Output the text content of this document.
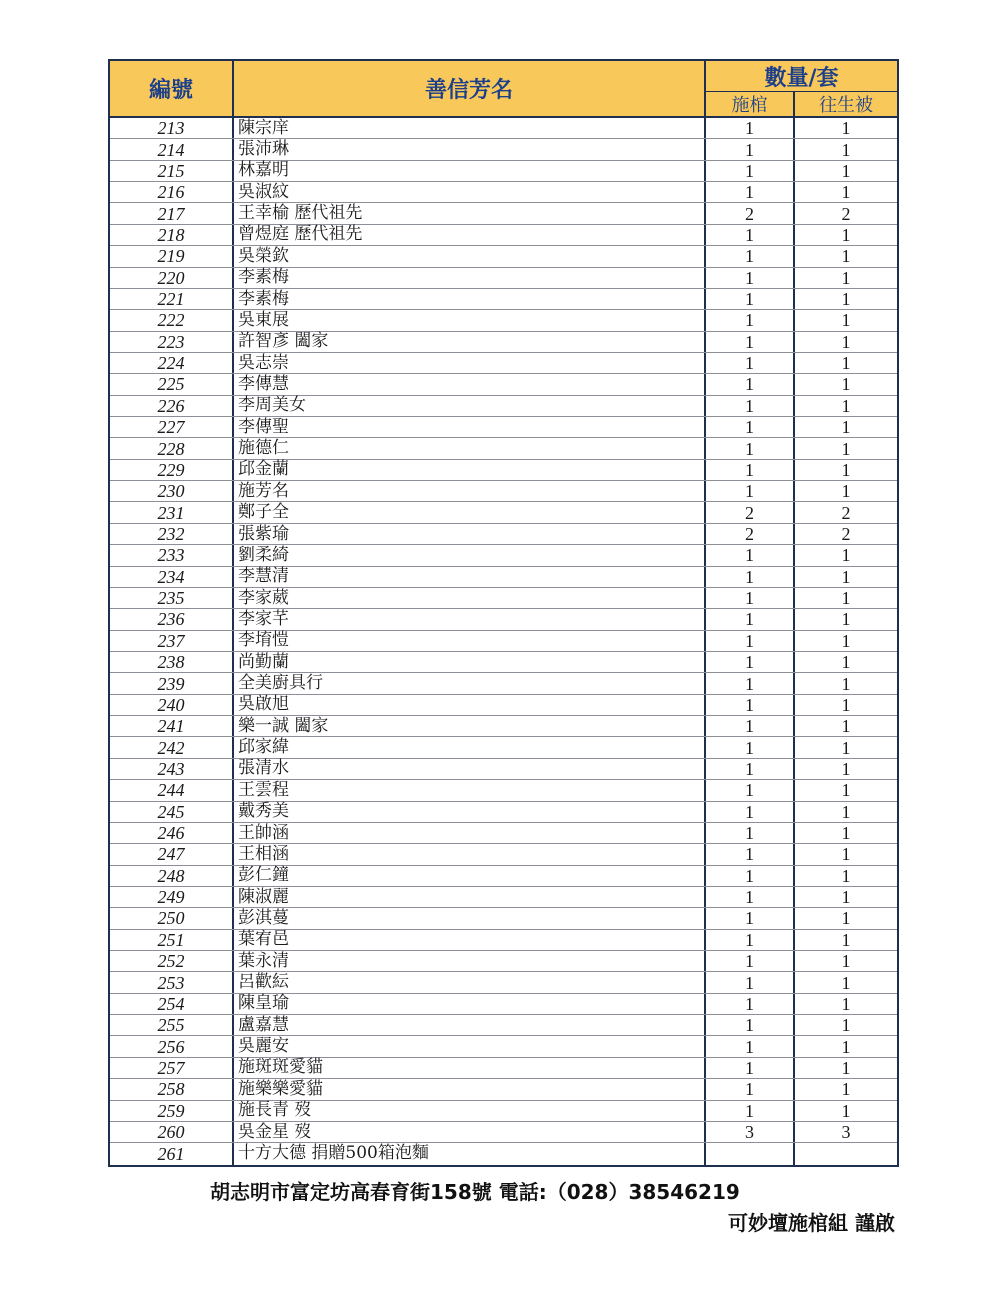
編號	善信芳名	數量/套
施棺	往生被
213	陳宗庠	1	1
214	張沛琳	1	1
215	林嘉明	1	1
216	吳淑紋	1	1
217	王幸榆 歷代祖先	2	2
218	曾煜庭 歷代祖先	1	1
219	吳榮欽	1	1
220	李素梅	1	1
221	李素梅	1	1
222	吳東展	1	1
223	許智彥 闔家	1	1
224	吳志崇	1	1
225	李傳慧	1	1
226	李周美女	1	1
227	李傳聖	1	1
228	施德仁	1	1
229	邱金蘭	1	1
230	施芳名	1	1
231	鄭子全	2	2
232	張紫瑜	2	2
233	劉柔綺	1	1
234	李慧清	1	1
235	李家葳	1	1
236	李家芊	1	1
237	李堉愷	1	1
238	尚勤蘭	1	1
239	全美廚具行	1	1
240	吳啟旭	1	1
241	樂一誠 闔家	1	1
242	邱家緯	1	1
243	張清水	1	1
244	王雲程	1	1
245	戴秀美	1	1
246	王帥涵	1	1
247	王相涵	1	1
248	彭仁鐘	1	1
249	陳淑麗	1	1
250	彭淇蔓	1	1
251	葉宥邑	1	1
252	葉永清	1	1
253	呂歡紜	1	1
254	陳皇瑜	1	1
255	盧嘉慧	1	1
256	吳麗安	1	1
257	施斑斑愛貓	1	1
258	施樂樂愛貓	1	1
259	施長青 歿	1	1
260	吳金星 歿	3	3
261	十方大德 捐贈500箱泡麵
胡志明市富定坊高春育街158號 電話:（028）38546219
可妙壇施棺組 謹啟
